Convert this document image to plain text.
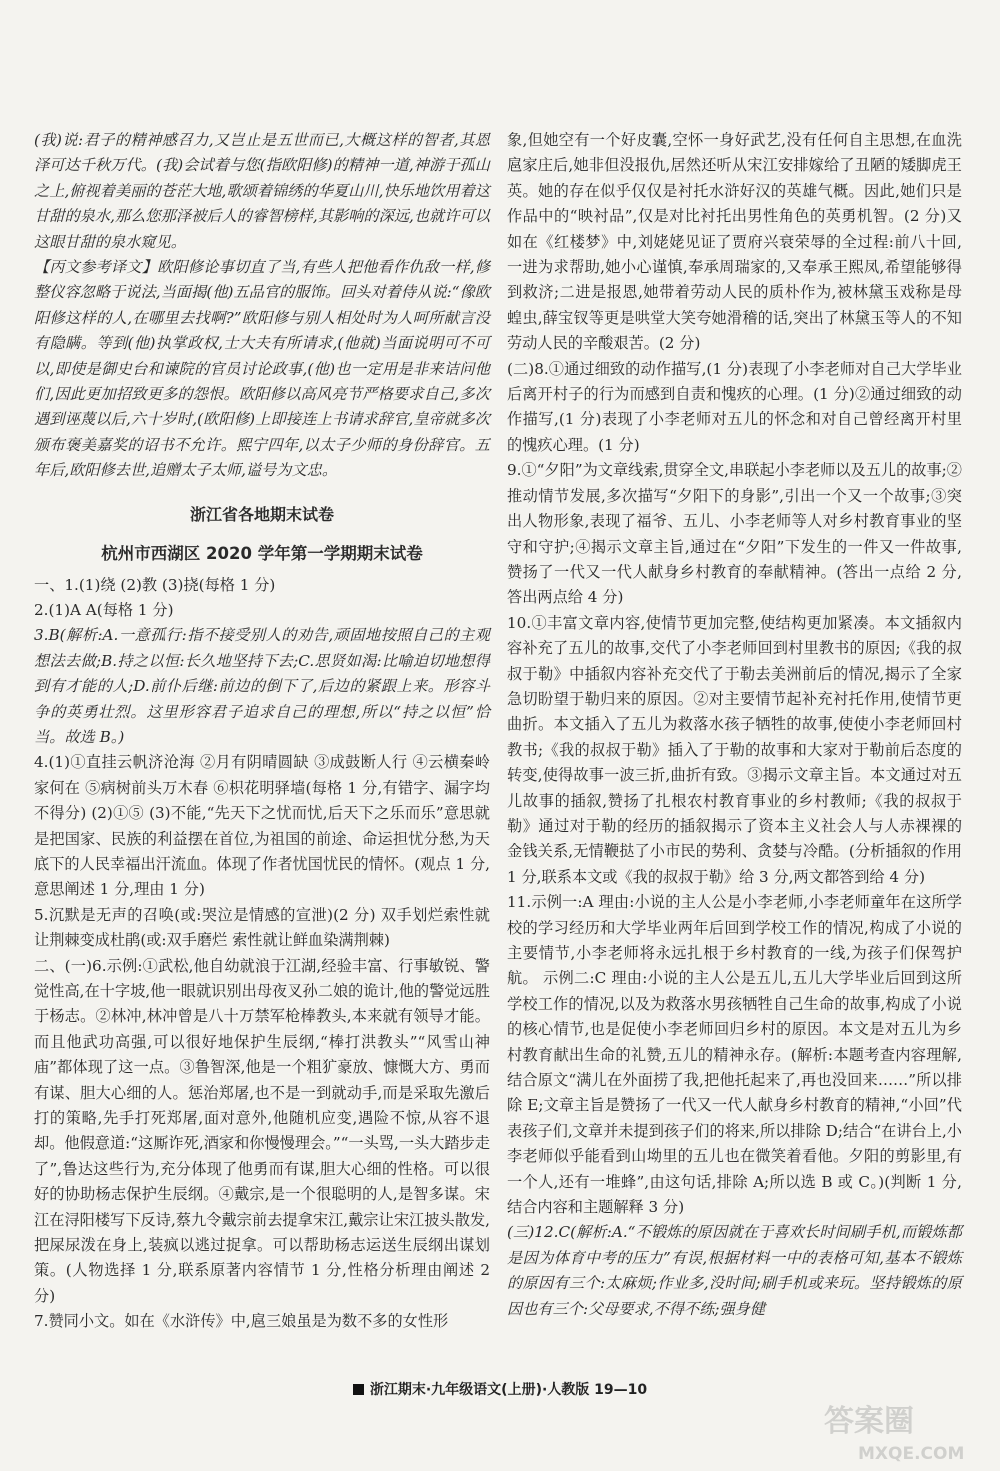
(我)说:君子的精神感召力,又岂止是五世而已,大概这样的智者,其恩泽可达千秋万代。(我)会试着与您(指欧阳修)的精神一道,神游于孤山之上,俯视着美丽的苍茫大地,歌颂着锦绣的华夏山川,快乐地饮用着这甘甜的泉水,那么您那泽被后人的睿智榜样,其影响的深远,也就许可以这眼甘甜的泉水窥见。

【丙文参考译文】欧阳修论事切直了当,有些人把他看作仇敌一样,修整仪容忽略于说法,当面揭(他)五品官的服饰。回头对着侍从说:“像欧阳修这样的人,在哪里去找啊?”欧阳修与别人相处时为人呵所献言没有隐瞒。等到(他)执掌政权,士大夫有所请求,(他就)当面说明可不可以,即使是御史台和谏院的官员讨论政事,(他)也一定用是非来诘问他们,因此更加招致更多的怨恨。欧阳修以高风亮节严格要求自己,多次遇到诬蔑以后,六十岁时,(欧阳修)上即接连上书请求辞官,皇帝就多次颁布褒美嘉奖的诏书不允许。熙宁四年,以太子少师的身份辞官。五年后,欧阳修去世,追赠太子太师,谥号为文忠。

浙江省各地期末试卷

杭州市西湖区 2020 学年第一学期期末试卷

一、1.(1)绕 (2)教 (3)挠(每格 1 分)

2.(1)A A(每格 1 分)

3.B(解析:A.一意孤行:指不接受别人的劝告,顽固地按照自己的主观想法去做;B.持之以恒:长久地坚持下去;C.思贤如渴:比喻迫切地想得到有才能的人;D.前仆后继:前边的倒下了,后边的紧跟上来。形容斗争的英勇壮烈。这里形容君子追求自己的理想,所以“持之以恒”恰当。故选 B。)

4.(1)①直挂云帆济沧海 ②月有阴晴圆缺 ③成鼓断人行 ④云横秦岭家何在 ⑤病树前头万木春 ⑥枳花明驿墙(每格 1 分,有错字、漏字均不得分) (2)①⑤ (3)不能,“先天下之忧而忧,后天下之乐而乐”意思就是把国家、民族的利益摆在首位,为祖国的前途、命运担忧分愁,为天底下的人民幸福出汗流血。体现了作者忧国忧民的情怀。(观点 1 分,意思阐述 1 分,理由 1 分)

5.沉默是无声的召唤(或:哭泣是情感的宣泄)(2 分) 双手划烂索性就让荆棘变成杜鹃(或:双手磨烂 索性就让鲜血染满荆棘)

二、(一)6.示例:①武松,他自幼就浪于江湖,经验丰富、行事敏锐、警觉性高,在十字坡,他一眼就识别出母夜叉孙二娘的诡计,他的警觉远胜于杨志。②林冲,林冲曾是八十万禁军枪棒教头,本来就有领导才能。而且他武功高强,可以很好地保护生辰纲,“棒打洪教头”“风雪山神庙”都体现了这一点。③鲁智深,他是一个粗犷豪放、慷慨大方、勇而有谋、胆大心细的人。惩治郑屠,也不是一到就动手,而是采取先激后打的策略,先手打死郑屠,面对意外,他随机应变,遇险不惊,从容不退却。他假意道:“这厮诈死,酒家和你慢慢理会。”“一头骂,一头大踏步走了”,鲁达这些行为,充分体现了他勇而有谋,胆大心细的性格。可以很好的协助杨志保护生辰纲。④戴宗,是一个很聪明的人,是智多谋。宋江在浔阳楼写下反诗,蔡九令戴宗前去提拿宋江,戴宗让宋江披头散发,把屎尿泼在身上,装疯以逃过捉拿。可以帮助杨志运送生辰纲出谋划策。(人物选择 1 分,联系原著内容情节 1 分,性格分析理由阐述 2 分)

7.赞同小文。如在《水浒传》中,扈三娘虽是为数不多的女性形

象,但她空有一个好皮囊,空怀一身好武艺,没有任何自主思想,在血洗扈家庄后,她非但没报仇,居然还听从宋江安排嫁给了丑陋的矮脚虎王英。她的存在似乎仅仅是衬托水浒好汉的英雄气概。因此,她们只是作品中的“映衬品”,仅是对比衬托出男性角色的英勇机智。(2 分)又如在《红楼梦》中,刘姥姥见证了贾府兴衰荣辱的全过程:前八十回,一进为求帮助,她小心谨慎,奉承周瑞家的,又奉承王熙凤,希望能够得到救济;二进是报恩,她带着劳动人民的质朴作为,被林黛玉戏称是母蝗虫,薛宝钗等更是哄堂大笑夸她滑稽的话,突出了林黛玉等人的不知劳动人民的辛酸艰苦。(2 分)

(二)8.①通过细致的动作描写,(1 分)表现了小李老师对自己大学毕业后离开村子的行为而感到自责和愧疚的心理。(1 分)②通过细致的动作描写,(1 分)表现了小李老师对五儿的怀念和对自己曾经离开村里的愧疚心理。(1 分)

9.①“夕阳”为文章线索,贯穿全文,串联起小李老师以及五儿的故事;②推动情节发展,多次描写“夕阳下的身影”,引出一个又一个故事;③突出人物形象,表现了福爷、五儿、小李老师等人对乡村教育事业的坚守和守护;④揭示文章主旨,通过在“夕阳”下发生的一件又一件故事,赞扬了一代又一代人献身乡村教育的奉献精神。(答出一点给 2 分,答出两点给 4 分)

10.①丰富文章内容,使情节更加完整,使结构更加紧凑。本文插叙内容补充了五儿的故事,交代了小李老师回到村里教书的原因;《我的叔叔于勒》中插叙内容补充交代了于勒去美洲前后的情况,揭示了全家急切盼望于勒归来的原因。②对主要情节起补充衬托作用,使情节更曲折。本文插入了五儿为救落水孩子牺牲的故事,使使小李老师回村教书;《我的叔叔于勒》插入了于勒的故事和大家对于勒前后态度的转变,使得故事一波三折,曲折有致。③揭示文章主旨。本文通过对五儿故事的插叙,赞扬了扎根农村教育事业的乡村教师;《我的叔叔于勒》通过对于勒的经历的插叙揭示了资本主义社会人与人赤裸裸的金钱关系,无情鞭挞了小市民的势利、贪婪与冷酷。(分析插叙的作用 1 分,联系本文或《我的叔叔于勒》给 3 分,两文都答到给 4 分)

11.示例一:A 理由:小说的主人公是小李老师,小李老师童年在这所学校的学习经历和大学毕业两年后回到学校工作的情况,构成了小说的主要情节,小李老师将永远扎根于乡村教育的一线,为孩子们保驾护航。 示例二:C 理由:小说的主人公是五儿,五儿大学毕业后回到这所学校工作的情况,以及为救落水男孩牺牲自己生命的故事,构成了小说的核心情节,也是促使小李老师回归乡村的原因。本文是对五儿为乡村教育献出生命的礼赞,五儿的精神永存。(解析:本题考查内容理解,结合原文“满儿在外面捞了我,把他托起来了,再也没回来……”所以排除 E;文章主旨是赞扬了一代又一代人献身乡村教育的精神,“小回”代表孩子们,文章并未提到孩子们的将来,所以排除 D;结合“在讲台上,小李老师似乎能看到山坳里的五儿也在微笑着看他。夕阳的剪影里,有一个人,还有一堆蜂”,由这句话,排除 A;所以选 B 或 C。)(判断 1 分,结合内容和主题解释 3 分)

(三)12.C(解析:A.“不锻炼的原因就在于喜欢长时间刷手机,而锻炼都是因为体育中考的压力”有误,根据材料一中的表格可知,基本不锻炼的原因有三个:太麻烦;作业多,没时间;刷手机或来玩。坚持锻炼的原因也有三个:父母要求,不得不练;强身健

浙江期末·九年级语文(上册)·人教版 19—10
答案圈
MXQE.COM
